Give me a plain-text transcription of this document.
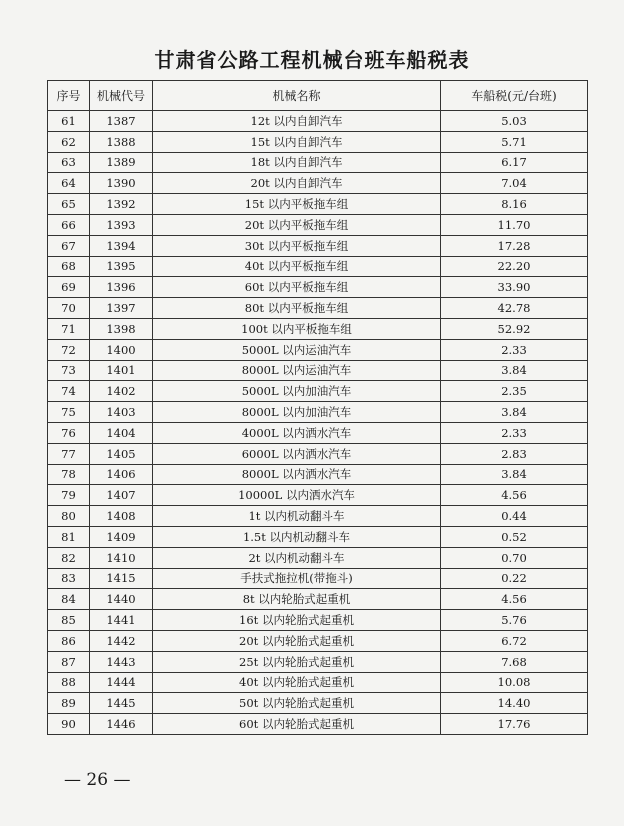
甘肃省公路工程机械台班车船税表
序号	机械代号	机械名称	车船税(元/台班)
61	1387	12t 以内自卸汽车	5.03
62	1388	15t 以内自卸汽车	5.71
63	1389	18t 以内自卸汽车	6.17
64	1390	20t 以内自卸汽车	7.04
65	1392	15t 以内平板拖车组	8.16
66	1393	20t 以内平板拖车组	11.70
67	1394	30t 以内平板拖车组	17.28
68	1395	40t 以内平板拖车组	22.20
69	1396	60t 以内平板拖车组	33.90
70	1397	80t 以内平板拖车组	42.78
71	1398	100t 以内平板拖车组	52.92
72	1400	5000L 以内运油汽车	2.33
73	1401	8000L 以内运油汽车	3.84
74	1402	5000L 以内加油汽车	2.35
75	1403	8000L 以内加油汽车	3.84
76	1404	4000L 以内洒水汽车	2.33
77	1405	6000L 以内洒水汽车	2.83
78	1406	8000L 以内洒水汽车	3.84
79	1407	10000L 以内洒水汽车	4.56
80	1408	1t 以内机动翻斗车	0.44
81	1409	1.5t 以内机动翻斗车	0.52
82	1410	2t 以内机动翻斗车	0.70
83	1415	手扶式拖拉机(带拖斗)	0.22
84	1440	8t 以内轮胎式起重机	4.56
85	1441	16t 以内轮胎式起重机	5.76
86	1442	20t 以内轮胎式起重机	6.72
87	1443	25t 以内轮胎式起重机	7.68
88	1444	40t 以内轮胎式起重机	10.08
89	1445	50t 以内轮胎式起重机	14.40
90	1446	60t 以内轮胎式起重机	17.76
— 26 —
